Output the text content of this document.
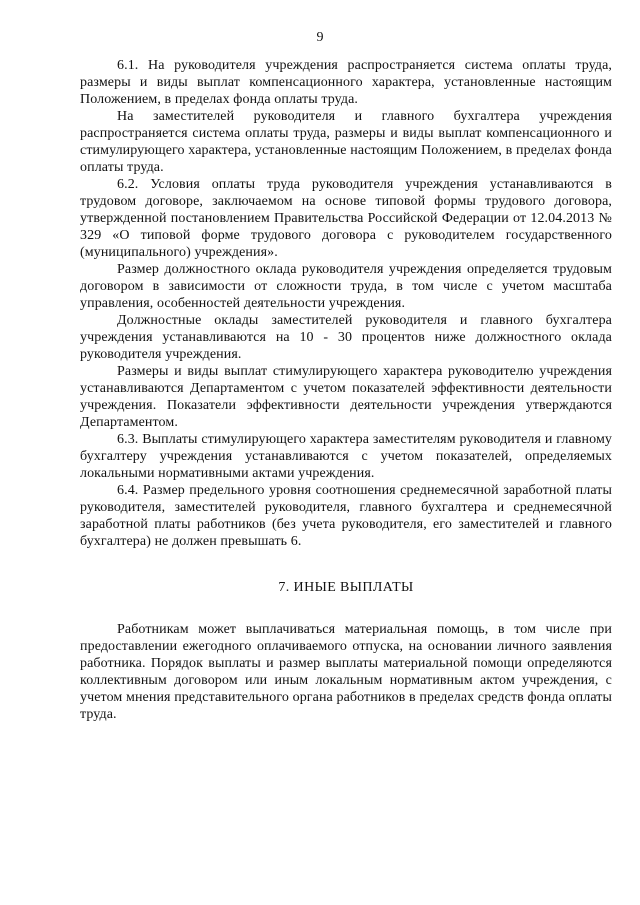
9

6.1. На руководителя учреждения распространяется система оплаты труда, размеры и виды выплат компенсационного характера, установленные настоящим Положением, в пределах фонда оплаты труда.

На заместителей руководителя и главного бухгалтера учреждения распространяется система оплаты труда, размеры и виды выплат компенсационного и стимулирующего характера, установленные настоящим Положением, в пределах фонда оплаты труда.

6.2. Условия оплаты труда руководителя учреждения устанавливаются в трудовом договоре, заключаемом на основе типовой формы трудового договора, утвержденной постановлением Правительства Российской Федерации от 12.04.2013 № 329 «О типовой форме трудового договора с руководителем государственного (муниципального) учреждения».

Размер должностного оклада руководителя учреждения определяется трудовым договором в зависимости от сложности труда, в том числе с учетом масштаба управления, особенностей деятельности учреждения.

Должностные оклады заместителей руководителя и главного бухгалтера учреждения устанавливаются на 10 - 30 процентов ниже должностного оклада руководителя учреждения.

Размеры и виды выплат стимулирующего характера руководителю учреждения устанавливаются Департаментом с учетом показателей эффективности деятельности учреждения. Показатели эффективности деятельности учреждения утверждаются Департаментом.

6.3. Выплаты стимулирующего характера заместителям руководителя и главному бухгалтеру учреждения устанавливаются с учетом показателей, определяемых локальными нормативными актами учреждения.

6.4. Размер предельного уровня соотношения среднемесячной заработной платы руководителя, заместителей руководителя, главного бухгалтера и среднемесячной заработной платы работников (без учета руководителя, его заместителей и главного бухгалтера) не должен превышать 6.

7. ИНЫЕ ВЫПЛАТЫ

Работникам может выплачиваться материальная помощь, в том числе при предоставлении ежегодного оплачиваемого отпуска, на основании личного заявления работника. Порядок выплаты и размер выплаты материальной помощи определяются коллективным договором или иным локальным нормативным актом учреждения, с учетом мнения представительного органа работников в пределах средств фонда оплаты труда.
